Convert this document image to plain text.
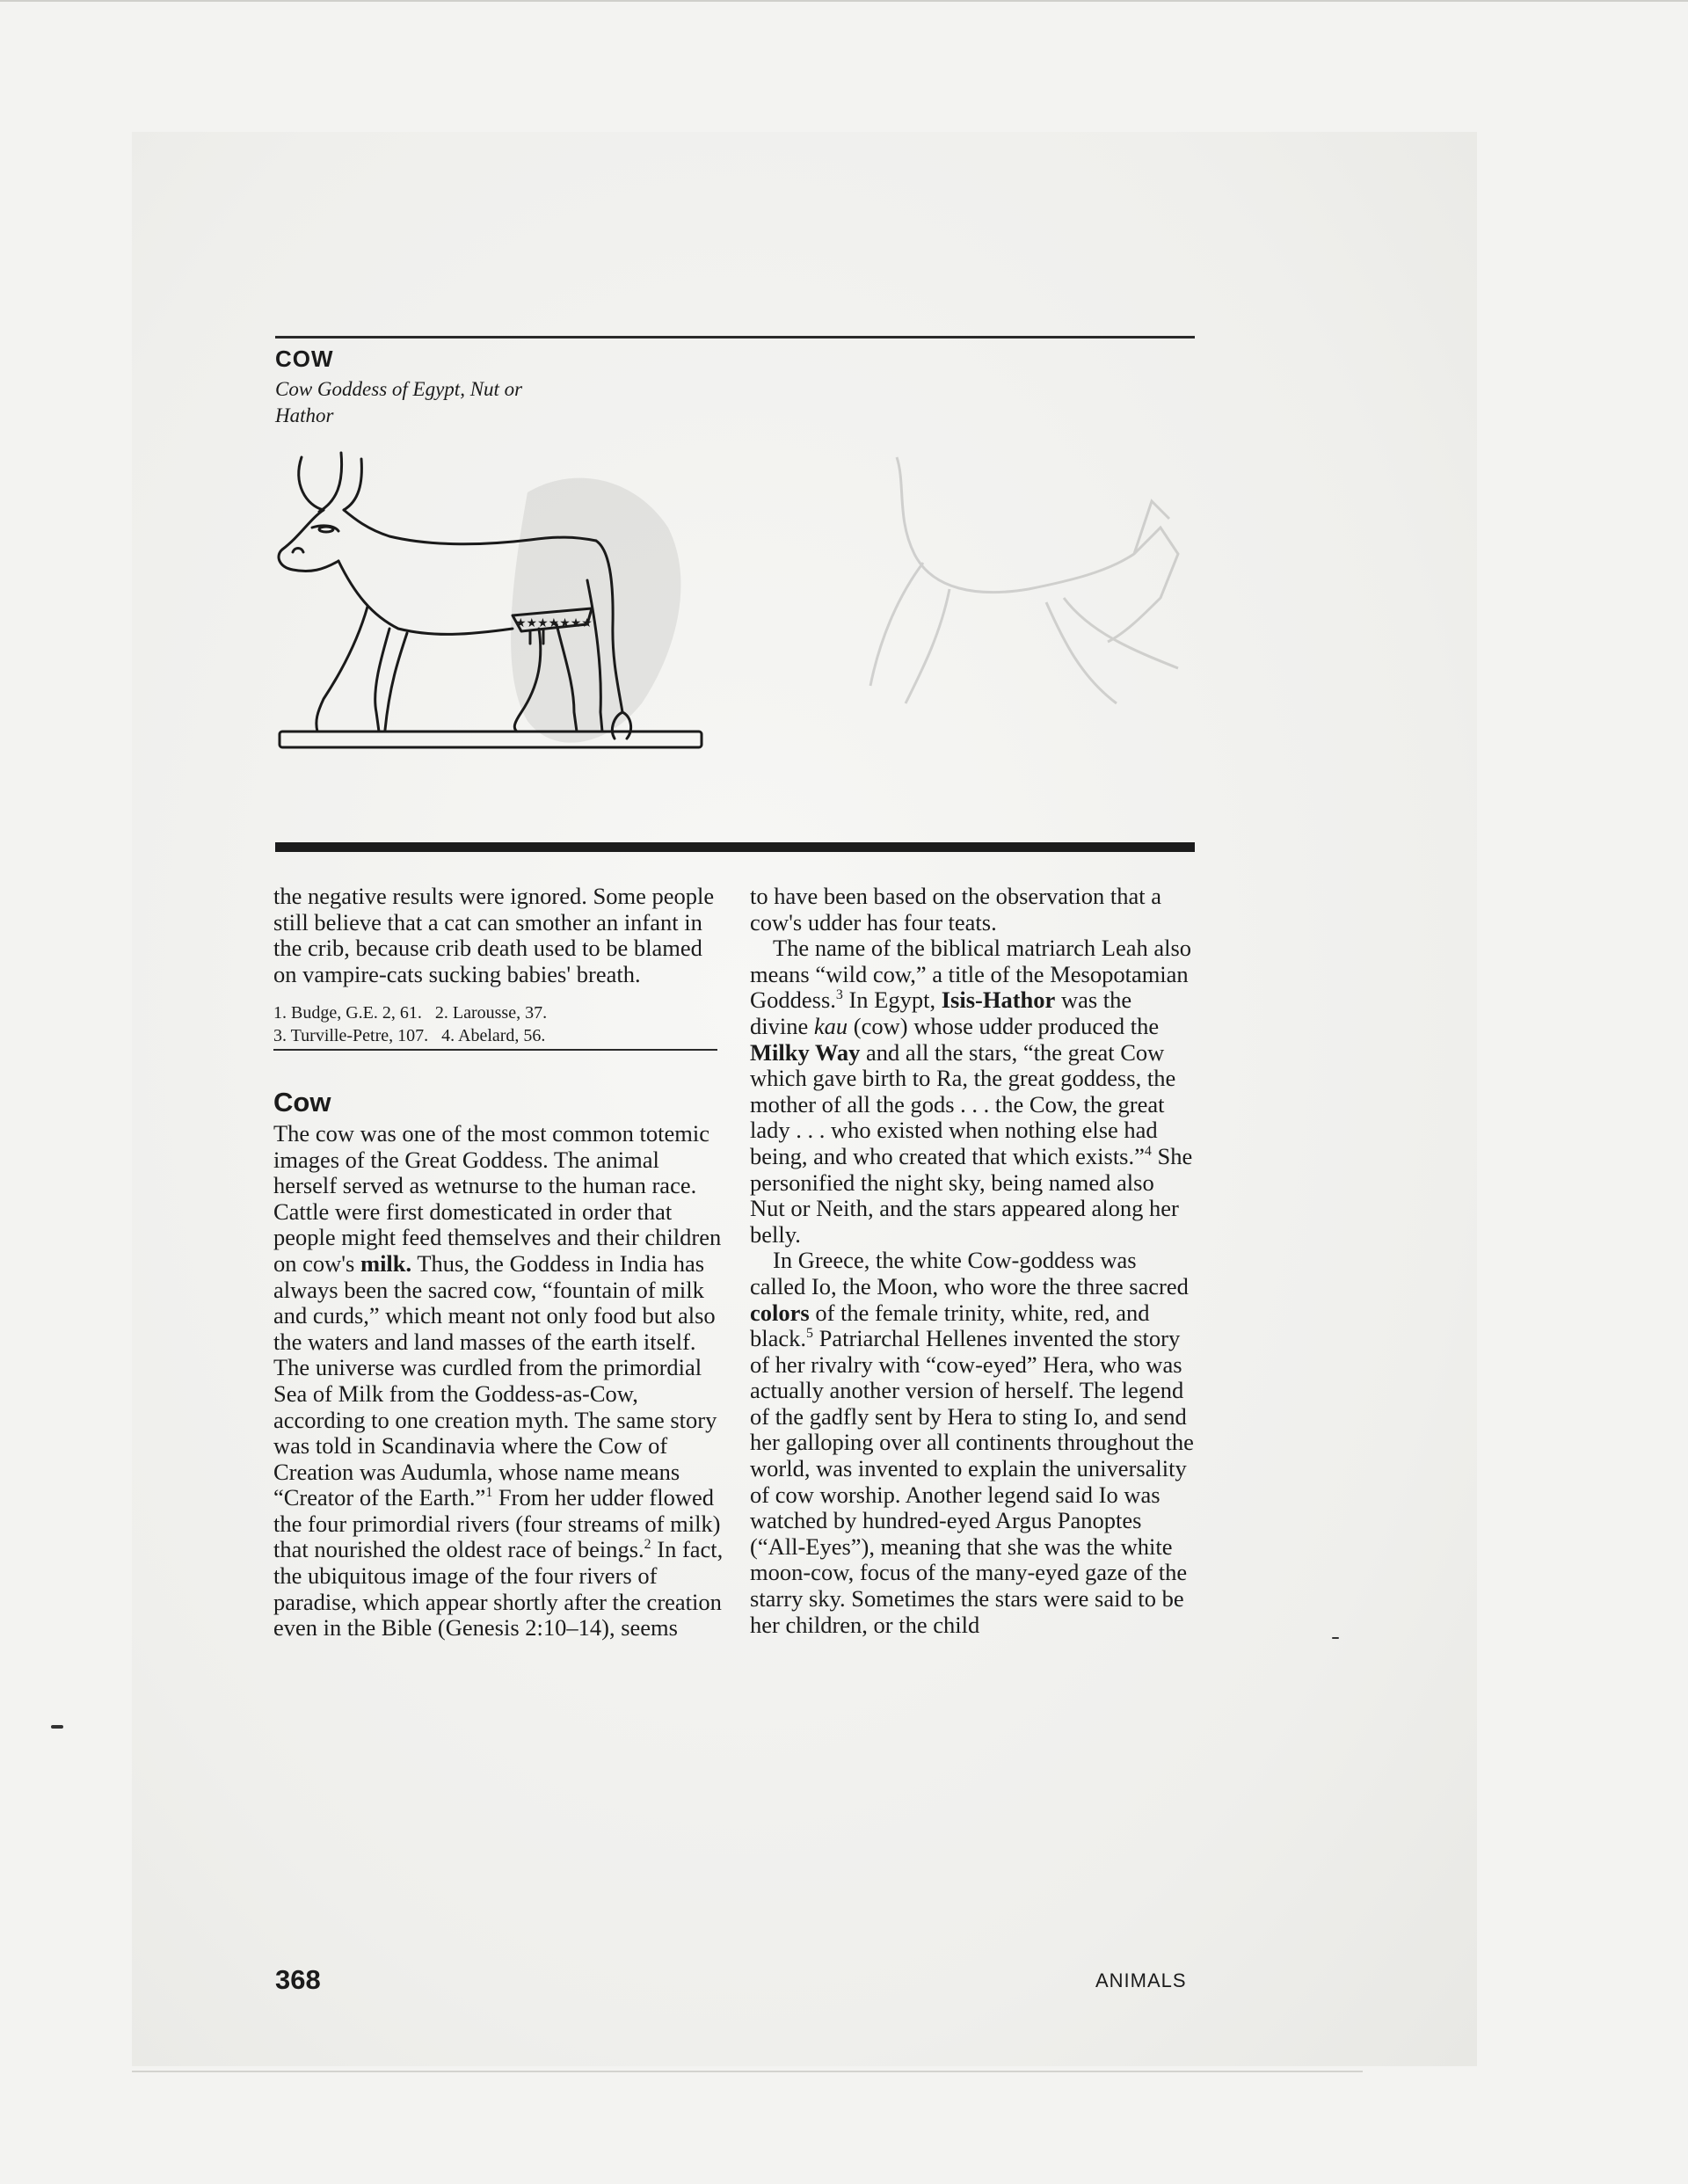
COW
Cow Goddess of Egypt, Nut or Hathor
★★★★★★★

the negative results were ignored. Some people still believe that a cat can smother an infant in the crib, because crib death used to be blamed on vampire-cats sucking babies' breath.

1. Budge, G.E. 2, 61.   2. Larousse, 37.
3. Turville-Petre, 107.   4. Abelard, 56.
Cow

The cow was one of the most common totemic images of the Great Goddess. The animal herself served as wetnurse to the human race. Cattle were first domesticated in order that people might feed themselves and their children on cow's milk. Thus, the Goddess in India has always been the sacred cow, “fountain of milk and curds,” which meant not only food but also the waters and land masses of the earth itself. The universe was curdled from the primordial Sea of Milk from the Goddess-as-Cow, according to one creation myth. The same story was told in Scandinavia where the Cow of Creation was Audumla, whose name means “Creator of the Earth.”$^1$ From her udder flowed the four primordial rivers (four streams of milk) that nourished the oldest race of beings.$^2$ In fact, the ubiquitous image of the four rivers of paradise, which appear shortly after the creation even in the Bible (Genesis 2:10–14), seems

to have been based on the observation that a cow's udder has four teats.

The name of the biblical matriarch Leah also means “wild cow,” a title of the Mesopotamian Goddess.$^3$ In Egypt, Isis-Hathor was the divine kau (cow) whose udder produced the Milky Way and all the stars, “the great Cow which gave birth to Ra, the great goddess, the mother of all the gods . . . the Cow, the great lady . . . who existed when nothing else had being, and who created that which exists.”$^4$ She personified the night sky, being named also Nut or Neith, and the stars appeared along her belly.

In Greece, the white Cow-goddess was called Io, the Moon, who wore the three sacred colors of the female trinity, white, red, and black.$^5$ Patriarchal Hellenes invented the story of her rivalry with “cow-eyed” Hera, who was actually another version of herself. The legend of the gadfly sent by Hera to sting Io, and send her galloping over all continents throughout the world, was invented to explain the universality of cow worship. Another legend said Io was watched by hundred-eyed Argus Panoptes (“All-Eyes”), meaning that she was the white moon-cow, focus of the many-eyed gaze of the starry sky. Sometimes the stars were said to be her children, or the child

368	ANIMALS
